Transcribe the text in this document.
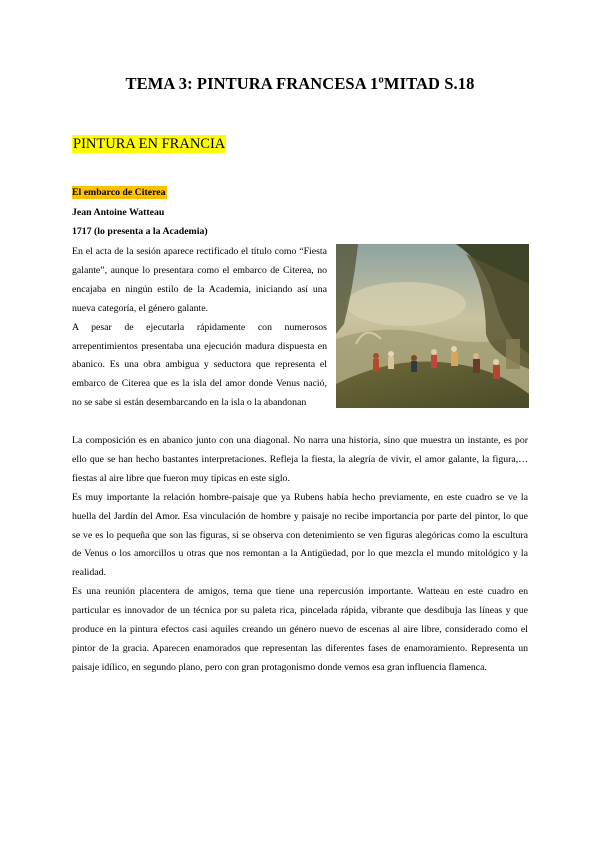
TEMA 3: PINTURA FRANCESA 1ºMITAD S.18
PINTURA EN FRANCIA
El embarco de Citerea
Jean Antoine Watteau
1717 (lo presenta a la Academia)

En el acta de la sesión aparece rectificado el título como “Fiesta galante”, aunque lo presentara como el embarco de Citerea, no encajaba en ningún estilo de la Academia, iniciando así una nueva categoría, el género galante.

A pesar de ejecutarla rápidamente con numerosos arrepentimientos presentaba una ejecución madura dispuesta en abanico. Es una obra ambigua y seductora que representa el embarco de Citerea que es la isla del amor donde Venus nació, no se sabe si están desembarcando en la isla o la abandonan

La composición es en abanico junto con una diagonal. No narra una historia, sino que muestra un instante, es por ello que se han hecho bastantes interpretaciones. Refleja la fiesta, la alegría de vivir, el amor galante, la figura,… fiestas al aire libre que fueron muy típicas en este siglo.

Es muy importante la relación hombre-paisaje que ya Rubens había hecho previamente, en este cuadro se ve la huella del Jardín del Amor. Esa vinculación de hombre y paisaje no recibe importancia por parte del pintor, lo que se ve es lo pequeña que son las figuras, si se observa con detenimiento se ven figuras alegóricas como la escultura de Venus o los amorcillos u otras que nos remontan a la Antigüedad, por lo que mezcla el mundo mitológico y la realidad.

Es una reunión placentera de amigos, tema que tiene una repercusión importante. Watteau en este cuadro en particular es innovador de un técnica por su paleta rica, pincelada rápida, vibrante que desdibuja las líneas y que produce en la pintura efectos casi aquiles creando un género nuevo de escenas al aire libre, considerado como el pintor de la gracia. Aparecen enamorados que representan las diferentes fases de enamoramiento. Representa un paisaje idílico, en segundo plano, pero con gran protagonismo donde vemos esa gran influencia flamenca.
